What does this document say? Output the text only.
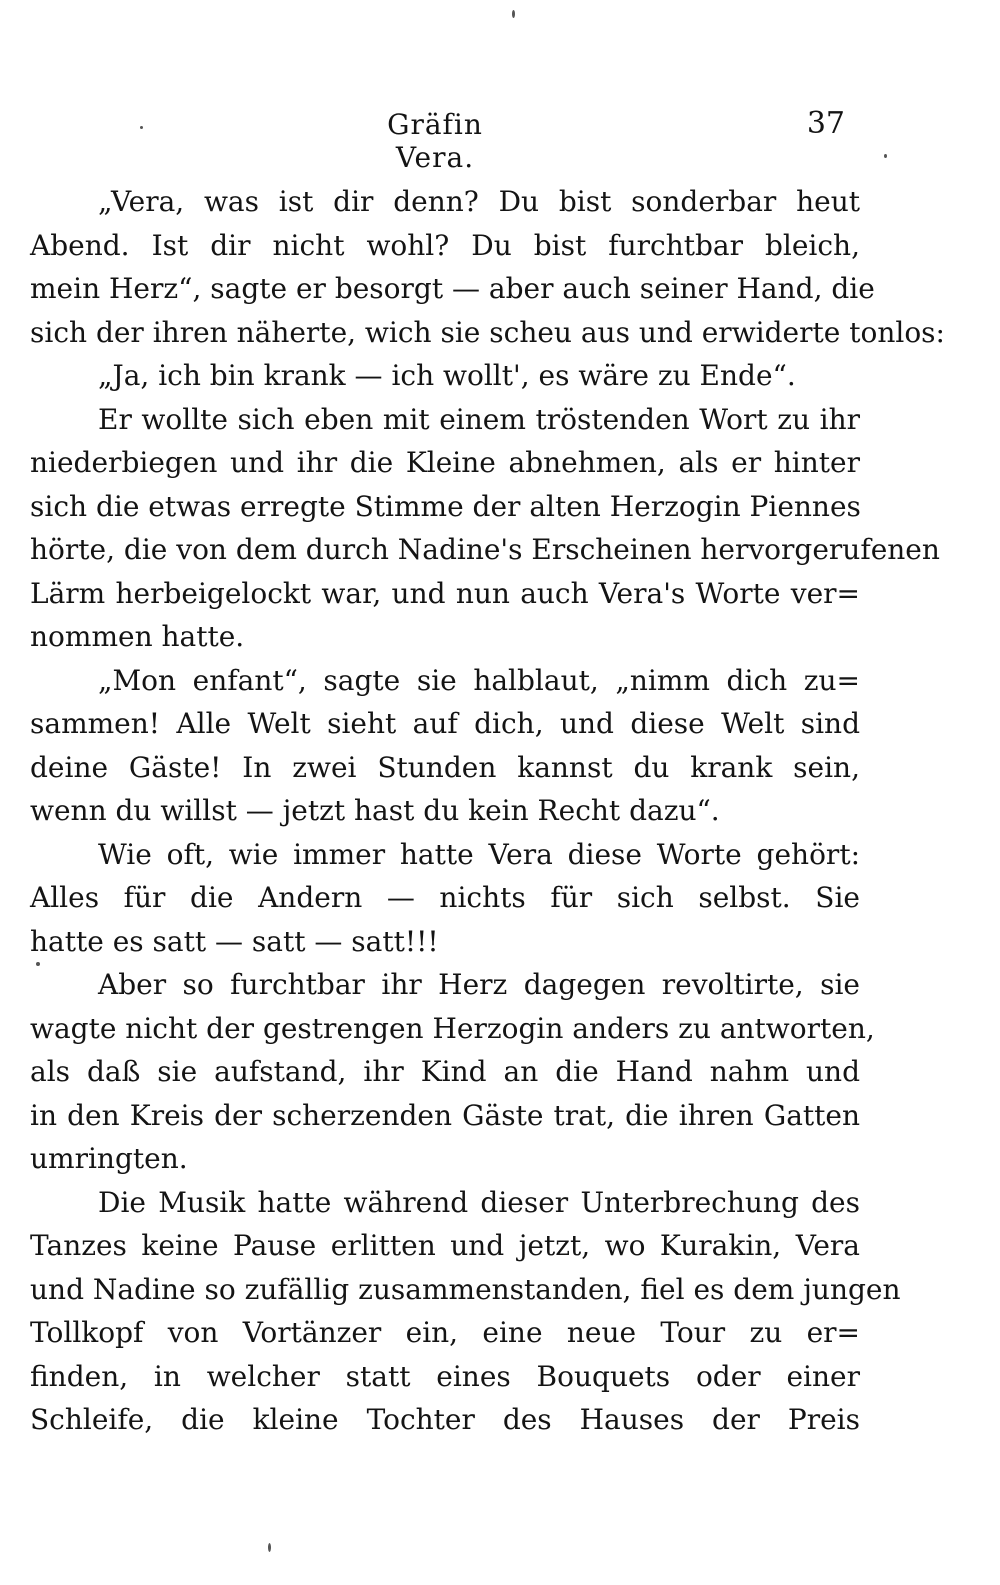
Gräfin Vera.
37
„Vera, was ist dir denn? Du bist sonderbar heut
Abend. Ist dir nicht wohl? Du bist furchtbar bleich,
mein Herz“, sagte er besorgt — aber auch seiner Hand, die
sich der ihren näherte, wich sie scheu aus und erwiderte tonlos:
„Ja, ich bin krank — ich wollt', es wäre zu Ende“.
Er wollte sich eben mit einem tröstenden Wort zu ihr
niederbiegen und ihr die Kleine abnehmen, als er hinter
sich die etwas erregte Stimme der alten Herzogin Piennes
hörte, die von dem durch Nadine's Erscheinen hervorgerufenen
Lärm herbeigelockt war, und nun auch Vera's Worte ver=
nommen hatte.
„Mon enfant“, sagte sie halblaut, „nimm dich zu=
sammen! Alle Welt sieht auf dich, und diese Welt sind
deine Gäste! In zwei Stunden kannst du krank sein,
wenn du willst — jetzt hast du kein Recht dazu“.
Wie oft, wie immer hatte Vera diese Worte gehört:
Alles für die Andern — nichts für sich selbst. Sie
hatte es satt — satt — satt!!!
Aber so furchtbar ihr Herz dagegen revoltirte, sie
wagte nicht der gestrengen Herzogin anders zu antworten,
als daß sie aufstand, ihr Kind an die Hand nahm und
in den Kreis der scherzenden Gäste trat, die ihren Gatten
umringten.
Die Musik hatte während dieser Unterbrechung des
Tanzes keine Pause erlitten und jetzt, wo Kurakin, Vera
und Nadine so zufällig zusammenstanden, fiel es dem jungen
Tollkopf von Vortänzer ein, eine neue Tour zu er=
finden, in welcher statt eines Bouquets oder einer
Schleife, die kleine Tochter des Hauses der Preis
